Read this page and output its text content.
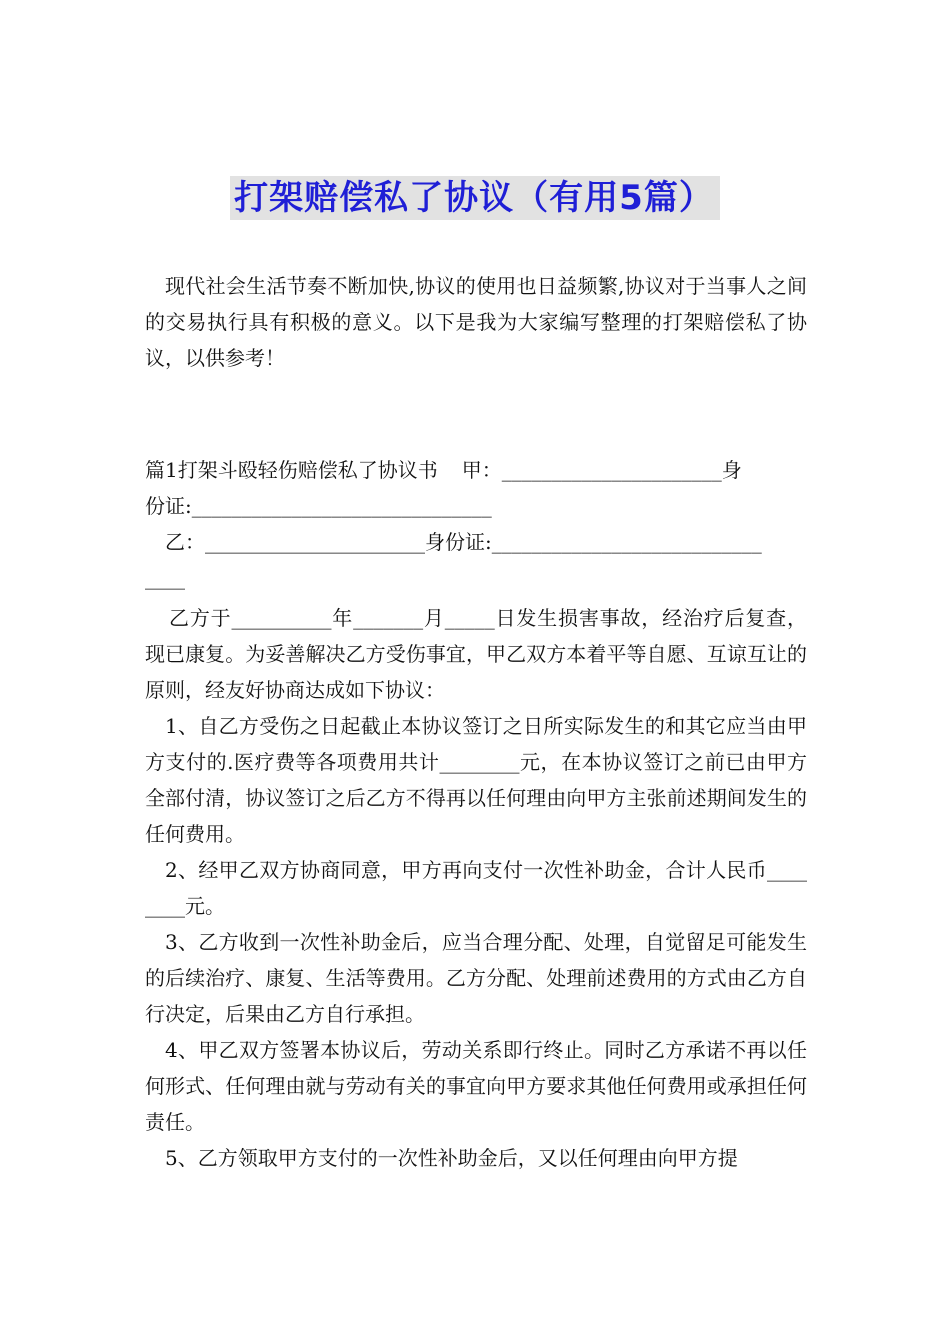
打架赔偿私了协议（有用5篇）

现代社会生活节奏不断加快,协议的使用也日益频繁,协议对于当事人之间的交易执行具有积极的意义。以下是我为大家编写整理的打架赔偿私了协议，以供参考！

篇1打架斗殴轻伤赔偿私了协议书 甲：______________________身

份证:______________________________

乙：______________________身份证:___________________________

____

乙方于__________年_______月_____日发生损害事故，经治疗后复查，现已康复。为妥善解决乙方受伤事宜，甲乙双方本着平等自愿、互谅互让的原则，经友好协商达成如下协议：

1、自乙方受伤之日起截止本协议签订之日所实际发生的和其它应当由甲方支付的.医疗费等各项费用共计________元，在本协议签订之前已由甲方全部付清，协议签订之后乙方不得再以任何理由向甲方主张前述期间发生的任何费用。

2、经甲乙双方协商同意，甲方再向支付一次性补助金，合计人民币________元。

3、乙方收到一次性补助金后，应当合理分配、处理，自觉留足可能发生的后续治疗、康复、生活等费用。乙方分配、处理前述费用的方式由乙方自行决定，后果由乙方自行承担。

4、甲乙双方签署本协议后，劳动关系即行终止。同时乙方承诺不再以任何形式、任何理由就与劳动有关的事宜向甲方要求其他任何费用或承担任何责任。

5、乙方领取甲方支付的一次性补助金后，又以任何理由向甲方提
